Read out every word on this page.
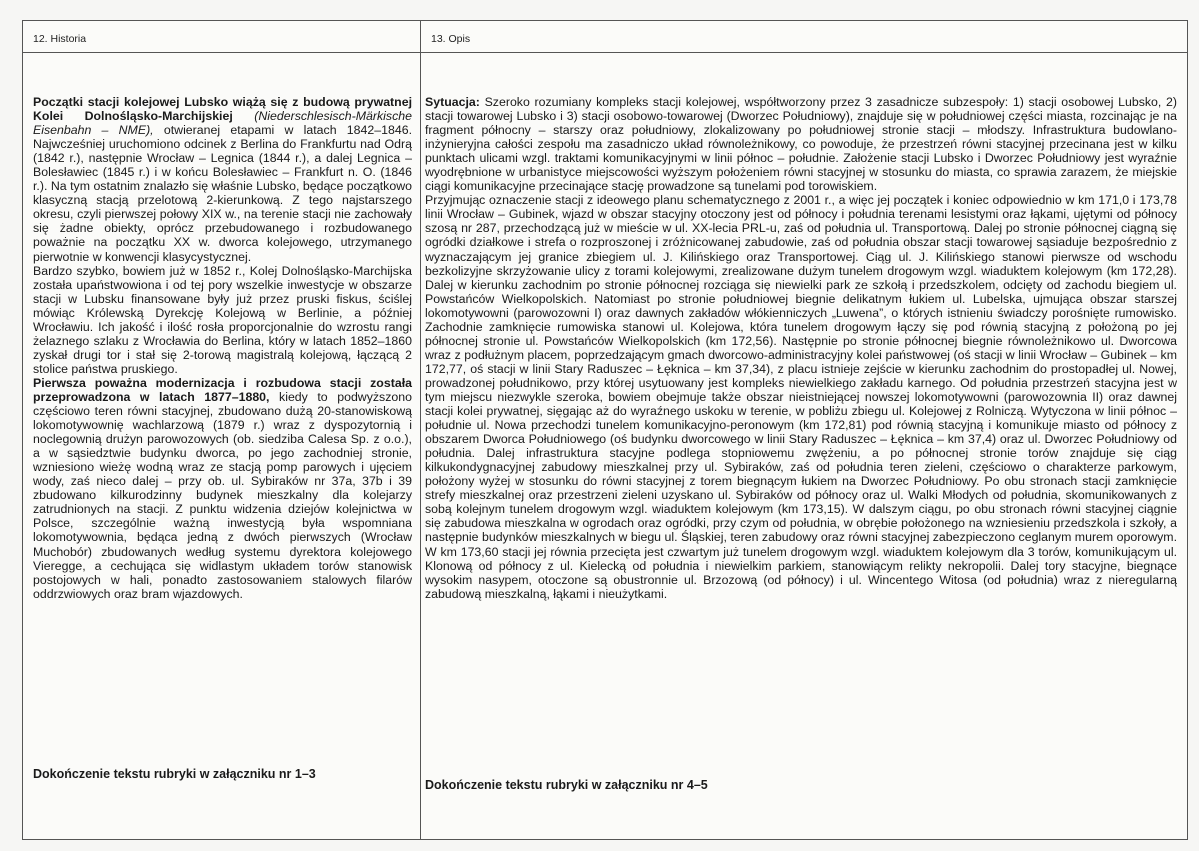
12. Historia

Początki stacji kolejowej Lubsko wiążą się z budową prywatnej Kolei Dolnośląsko-Marchijskiej (Niederschlesisch-Märkische Eisenbahn – NME), otwieranej etapami w latach 1842–1846. Najwcześniej uruchomiono odcinek z Berlina do Frankfurtu nad Odrą (1842 r.), następnie Wrocław – Legnica (1844 r.), a dalej Legnica – Bolesławiec (1845 r.) i w końcu Bolesławiec – Frankfurt n. O. (1846 r.). Na tym ostatnim znalazło się właśnie Lubsko, będące początkowo klasyczną stacją przelotową 2-kierunkową. Z tego najstarszego okresu, czyli pierwszej połowy XIX w., na terenie stacji nie zachowały się żadne obiekty, oprócz przebudowanego i rozbudowanego poważnie na początku XX w. dworca kolejowego, utrzymanego pierwotnie w konwencji klasycystycznej.

Bardzo szybko, bowiem już w 1852 r., Kolej Dolnośląsko-Marchijska została upaństwowiona i od tej pory wszelkie inwestycje w obszarze stacji w Lubsku finansowane były już przez pruski fiskus, ściślej mówiąc Królewską Dyrekcję Kolejową w Berlinie, a później Wrocławiu. Ich jakość i ilość rosła proporcjonalnie do wzrostu rangi żelaznego szlaku z Wrocławia do Berlina, który w latach 1852–1860 zyskał drugi tor i stał się 2-torową magistralą kolejową, łączącą 2 stolice państwa pruskiego.

Pierwsza poważna modernizacja i rozbudowa stacji została przeprowadzona w latach 1877–1880, kiedy to podwyższono częściowo teren równi stacyjnej, zbudowano dużą 20-stanowiskową lokomotywownię wachlarzową (1879 r.) wraz z dyspozytornią i noclegownią drużyn parowozowych (ob. siedziba Calesa Sp. z o.o.), a w sąsiedztwie budynku dworca, po jego zachodniej stronie, wzniesiono wieżę wodną wraz ze stacją pomp parowych i ujęciem wody, zaś nieco dalej – przy ob. ul. Sybiraków nr 37a, 37b i 39 zbudowano kilkurodzinny budynek mieszkalny dla kolejarzy zatrudnionych na stacji. Z punktu widzenia dziejów kolejnictwa w Polsce, szczególnie ważną inwestycją była wspomniana lokomotywownia, będąca jedną z dwóch pierwszych (Wrocław Muchobór) zbudowanych według systemu dyrektora kolejowego Vieregge, a cechująca się widlastym układem torów stanowisk postojowych w hali, ponadto zastosowaniem stalowych filarów oddrzwiowych oraz bram wjazdowych.

Dokończenie tekstu rubryki w załączniku nr 1–3
13. Opis

Sytuacja: Szeroko rozumiany kompleks stacji kolejowej, współtworzony przez 3 zasadnicze subzespoły: 1) stacji osobowej Lubsko, 2) stacji towarowej Lubsko i 3) stacji osobowo-towarowej (Dworzec Południowy), znajduje się w południowej części miasta, rozcinając je na fragment północny – starszy oraz południowy, zlokalizowany po południowej stronie stacji – młodszy. Infrastruktura budowlano-inżynieryjna całości zespołu ma zasadniczo układ równoleżnikowy, co powoduje, że przestrzeń równi stacyjnej przecinana jest w kilku punktach ulicami wzgl. traktami komunikacyjnymi w linii północ – południe. Założenie stacji Lubsko i Dworzec Południowy jest wyraźnie wyodrębnione w urbanistyce miejscowości wyższym położeniem równi stacyjnej w stosunku do miasta, co sprawia zarazem, że miejskie ciągi komunikacyjne przecinające stację prowadzone są tunelami pod torowiskiem.

Przyjmując oznaczenie stacji z ideowego planu schematycznego z 2001 r., a więc jej początek i koniec odpowiednio w km 171,0 i 173,78 linii Wrocław – Gubinek, wjazd w obszar stacyjny otoczony jest od północy i południa terenami lesistymi oraz łąkami, ujętymi od północy szosą nr 287, przechodzącą już w mieście w ul. XX-lecia PRL-u, zaś od południa ul. Transportową. Dalej po stronie północnej ciągną się ogródki działkowe i strefa o rozproszonej i zróżnicowanej zabudowie, zaś od południa obszar stacji towarowej sąsiaduje bezpośrednio z wyznaczającym jej granice zbiegiem ul. J. Kilińskiego oraz Transportowej. Ciąg ul. J. Kilińskiego stanowi pierwsze od wschodu bezkolizyjne skrzyżowanie ulicy z torami kolejowymi, zrealizowane dużym tunelem drogowym wzgl. wiaduktem kolejowym (km 172,28). Dalej w kierunku zachodnim po stronie północnej rozciąga się niewielki park ze szkołą i przedszkolem, odcięty od zachodu biegiem ul. Powstańców Wielkopolskich. Natomiast po stronie południowej biegnie delikatnym łukiem ul. Lubelska, ujmująca obszar starszej lokomotywowni (parowozowni I) oraz dawnych zakładów włókienniczych „Luwena”, o których istnieniu świadczy porośnięte rumowisko. Zachodnie zamknięcie rumowiska stanowi ul. Kolejowa, która tunelem drogowym łączy się pod równią stacyjną z położoną po jej północnej stronie ul. Powstańców Wielkopolskich (km 172,56). Następnie po stronie północnej biegnie równoleżnikowo ul. Dworcowa wraz z podłużnym placem, poprzedzającym gmach dworcowo-administracyjny kolei państwowej (oś stacji w linii Wrocław – Gubinek – km 172,77, oś stacji w linii Stary Raduszec – Łęknica – km 37,34), z placu istnieje zejście w kierunku zachodnim do prostopadłej ul. Nowej, prowadzonej południkowo, przy której usytuowany jest kompleks niewielkiego zakładu karnego. Od południa przestrzeń stacyjna jest w tym miejscu niezwykle szeroka, bowiem obejmuje także obszar nieistniejącej nowszej lokomotywowni (parowozownia II) oraz dawnej stacji kolei prywatnej, sięgając aż do wyraźnego uskoku w terenie, w pobliżu zbiegu ul. Kolejowej z Rolniczą. Wytyczona w linii północ – południe ul. Nowa przechodzi tunelem komunikacyjno-peronowym (km 172,81) pod równią stacyjną i komunikuje miasto od północy z obszarem Dworca Południowego (oś budynku dworcowego w linii Stary Raduszec – Łęknica – km 37,4) oraz ul. Dworzec Południowy od południa. Dalej infrastruktura stacyjne podlega stopniowemu zwężeniu, a po północnej stronie torów znajduje się ciąg kilkukondygnacyjnej zabudowy mieszkalnej przy ul. Sybiraków, zaś od południa teren zieleni, częściowo o charakterze parkowym, położony wyżej w stosunku do równi stacyjnej z torem biegnącym łukiem na Dworzec Południowy. Po obu stronach stacji zamknięcie strefy mieszkalnej oraz przestrzeni zieleni uzyskano ul. Sybiraków od północy oraz ul. Walki Młodych od południa, skomunikowanych z sobą kolejnym tunelem drogowym wzgl. wiaduktem kolejowym (km 173,15). W dalszym ciągu, po obu stronach równi stacyjnej ciągnie się zabudowa mieszkalna w ogrodach oraz ogródki, przy czym od południa, w obrębie położonego na wzniesieniu przedszkola i szkoły, a następnie budynków mieszkalnych w biegu ul. Śląskiej, teren zabudowy oraz równi stacyjnej zabezpieczono ceglanym murem oporowym. W km 173,60 stacji jej równia przecięta jest czwartym już tunelem drogowym wzgl. wiaduktem kolejowym dla 3 torów, komunikującym ul. Klonową od północy z ul. Kielecką od południa i niewielkim parkiem, stanowiącym relikty nekropolii. Dalej tory stacyjne, biegnące wysokim nasypem, otoczone są obustronnie ul. Brzozową (od północy) i ul. Wincentego Witosa (od południa) wraz z nieregularną zabudową mieszkalną, łąkami i nieużytkami.

Dokończenie tekstu rubryki w załączniku nr 4–5
